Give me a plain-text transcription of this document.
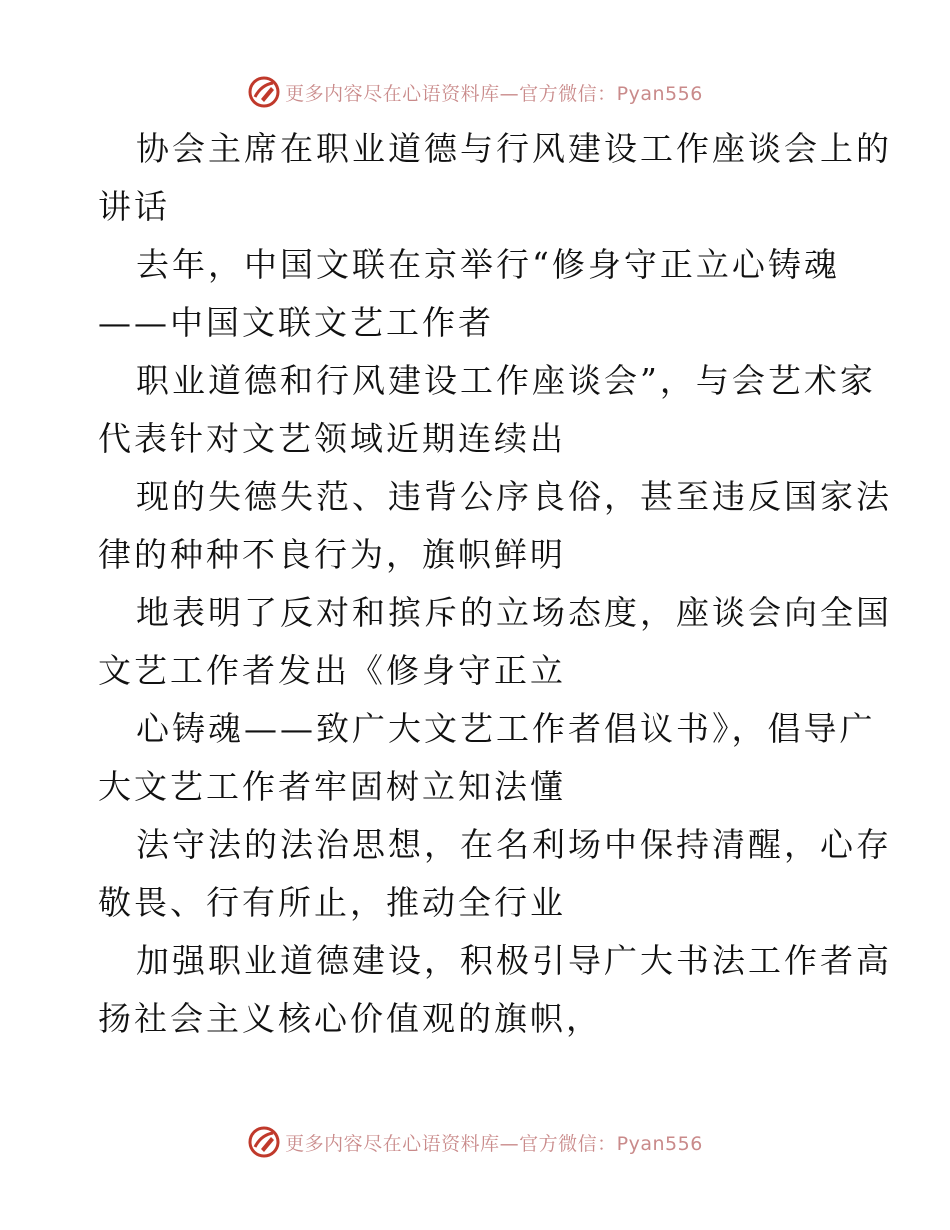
更多内容尽在心语资料库—官方微信：Pyan556

协会主席在职业道德与行风建设工作座谈会上的
讲话

去年，中国文联在京举行“修身守正立心铸魂
——中国文联文艺工作者

职业道德和行风建设工作座谈会”，与会艺术家
代表针对文艺领域近期连续出

现的失德失范、违背公序良俗，甚至违反国家法
律的种种不良行为，旗帜鲜明

地表明了反对和摈斥的立场态度，座谈会向全国
文艺工作者发出《修身守正立

心铸魂——致广大文艺工作者倡议书》，倡导广
大文艺工作者牢固树立知法懂

法守法的法治思想，在名利场中保持清醒，心存
敬畏、行有所止，推动全行业

加强职业道德建设，积极引导广大书法工作者高
扬社会主义核心价值观的旗帜，

更多内容尽在心语资料库—官方微信：Pyan556
